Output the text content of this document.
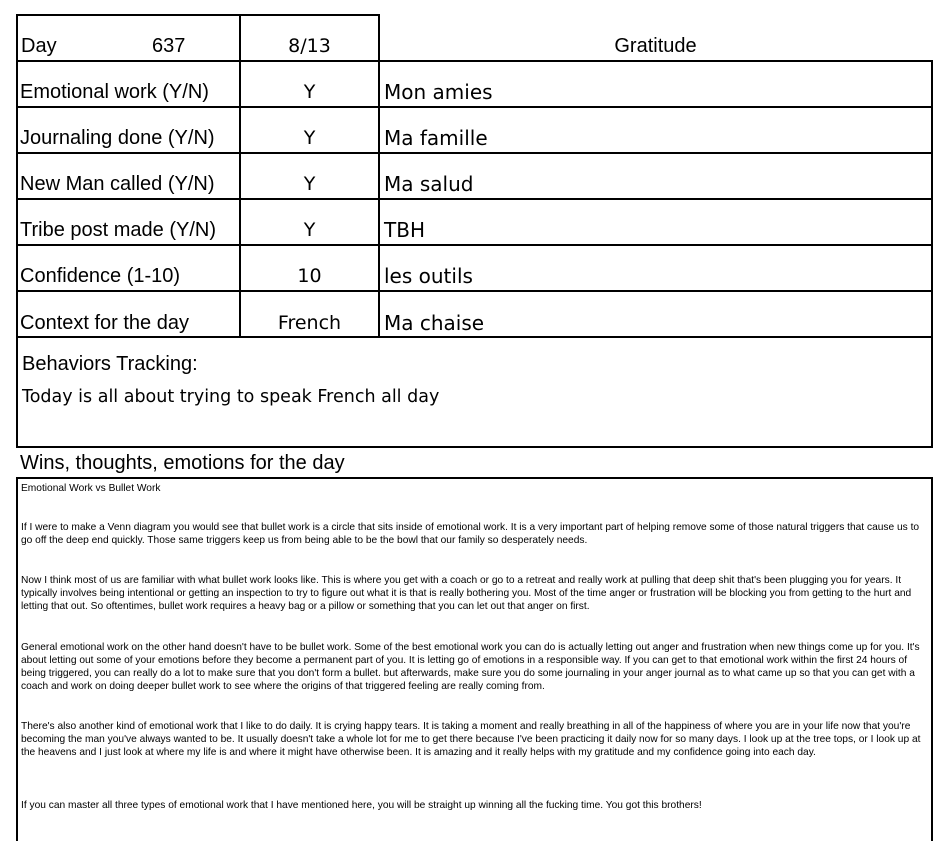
Day	637	8/13	Gratitude
Emotional work (Y/N)	Y	Mon amies
Journaling done (Y/N)	Y	Ma famille
New Man called (Y/N)	Y	Ma salud
Tribe post made (Y/N)	Y	TBH
Confidence (1-10)	10	les outils
Context for the day	French	Ma chaise
Behaviors Tracking:
Today is all about trying to speak French all day
Wins, thoughts, emotions for the day
Emotional Work vs Bullet Work
If I were to make a Venn diagram you would see that bullet work is a circle that sits inside of emotional work. It is a very important part of helping remove some of those natural triggers that cause us to go off the deep end quickly. Those same triggers keep us from being able to be the bowl that our family so desperately needs.
Now I think most of us are familiar with what bullet work looks like. This is where you get with a coach or go to a retreat and really work at pulling that deep shit that's been plugging you for years. It typically involves being intentional or getting an inspection to try to figure out what it is that is really bothering you. Most of the time anger or frustration will be blocking you from getting to the hurt and letting that out. So oftentimes, bullet work requires a heavy bag or a pillow or something that you can let out that anger on first.
General emotional work on the other hand doesn't have to be bullet work. Some of the best emotional work you can do is actually letting out anger and frustration when new things come up for you. It's about letting out some of your emotions before they become a permanent part of you. It is letting go of emotions in a responsible way. If you can get to that emotional work within the first 24 hours of being triggered, you can really do a lot to make sure that you don't form a bullet. but afterwards, make sure you do some journaling in your anger journal as to what came up so that you can get with a coach and work on doing deeper bullet work to see where the origins of that triggered feeling are really coming from.
There's also another kind of emotional work that I like to do daily. It is crying happy tears. It is taking a moment and really breathing in all of the happiness of where you are in your life now that you're becoming the man you've always wanted to be. It usually doesn't take a whole lot for me to get there because I've been practicing it daily now for so many days. I look up at the tree tops, or I look up at the heavens and I just look at where my life is and where it might have otherwise been. It is amazing and it really helps with my gratitude and my confidence going into each day.
If you can master all three types of emotional work that I have mentioned here, you will be straight up winning all the fucking time. You got this brothers!
